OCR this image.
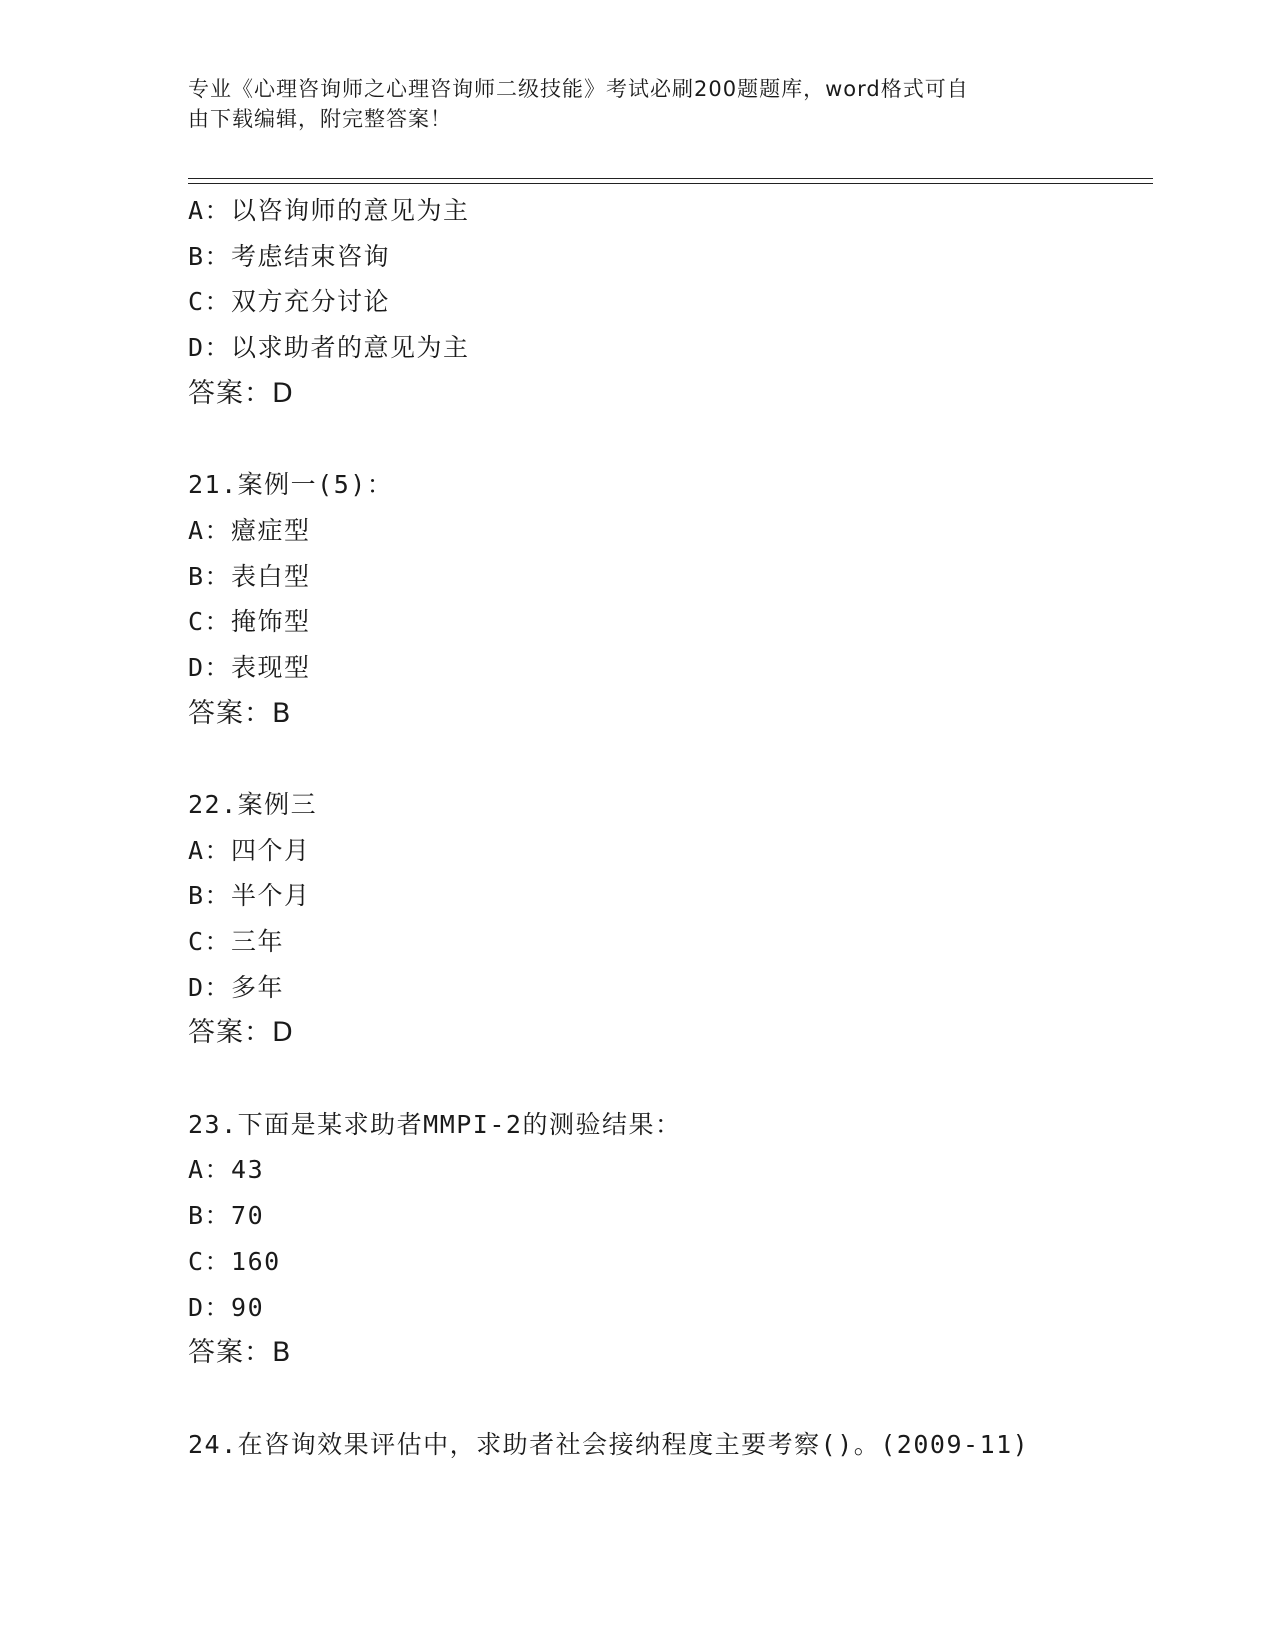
专业《心理咨询师之心理咨询师二级技能》考试必刷200题题库，word格式可自
由下载编辑，附完整答案！
A：以咨询师的意见为主
B：考虑结束咨询
C：双方充分讨论
D：以求助者的意见为主
答案：D
21.案例一(5)：
A：癔症型
B：表白型
C：掩饰型
D：表现型
答案：B
22.案例三
A：四个月
B：半个月
C：三年
D：多年
答案：D
23.下面是某求助者MMPI-2的测验结果：
A：43
B：70
C：160
D：90
答案：B
24.在咨询效果评估中，求助者社会接纳程度主要考察()。(2009-11)
